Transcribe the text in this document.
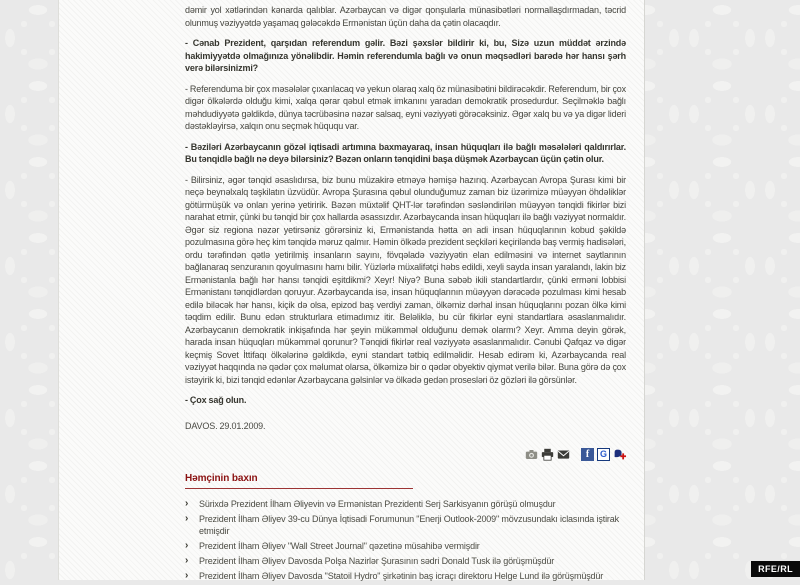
dəmir yol xətlərindən kənarda qalıblar. Azərbaycan və digər qonşularla münasibətləri normallaşdırmadan, təcrid olunmuş vəziyyətdə yaşamaq gələcəkdə Ermənistan üçün daha da çətin olacaqdır.

- Cənab Prezident, qarşıdan referendum gəlir. Bəzi şəxslər bildirir ki, bu, Sizə uzun müddət ərzində hakimiyyətdə olmağınıza yönəlibdir. Həmin referendumla bağlı və onun məqsədləri barədə hər hansı şərh verə bilərsinizmi?

- Referenduma bir çox məsələlər çıxarılacaq və yekun olaraq xalq öz münasibətini bildirəcəkdir. Referendum, bir çox digər ölkələrdə olduğu kimi, xalqa qərar qəbul etmək imkanını yaradan demokratik prosedurdur. Seçilməklə bağlı məhdudiyyətə gəldikdə, dünya təcrübəsinə nəzər salsaq, eyni vəziyyəti görəcəksiniz. Əgər xalq bu və ya digər lideri dəstəkləyirsə, xalqın onu seçmək hüququ var.

- Bəziləri Azərbaycanın gözəl iqtisadi artımına baxmayaraq, insan hüquqları ilə bağlı məsələləri qaldırırlar. Bu tənqidlə bağlı nə deyə bilərsiniz? Bəzən onların tənqidini başa düşmək Azərbaycan üçün çətin olur.

- Bilirsiniz, əgər tənqid əsaslıdırsa, biz bunu müzakirə etməyə həmişə hazırıq. Azərbaycan Avropa Şurası kimi bir neçə beynəlxalq təşkilatın üzvüdür. Avropa Şurasına qəbul olunduğumuz zaman biz üzərimizə müəyyən öhdəliklər götürmüşük və onları yerinə yetiririk. Bəzən müxtəlif QHT-lər tərəfindən səsləndirilən müəyyən tənqidi fikirlər bizi narahat etmir, çünki bu tənqid bir çox hallarda əsassızdır. Azərbaycanda insan hüquqları ilə bağlı vəziyyət normaldır. Əgər siz regiona nəzər yetirsəniz görərsiniz ki, Ermənistanda hətta ən adi insan hüquqlarının kobud şəkildə pozulmasına görə heç kim tənqidə məruz qalmır. Həmin ölkədə prezident seçkiləri keçiriləndə baş vermiş hadisələri, ordu tərəfindən qətlə yetirilmiş insanların sayını, fövqəladə vəziyyətin elan edilməsini və internet saytlarının bağlanaraq senzuranın qoyulmasını hamı bilir. Yüzlərlə müxalifətçi həbs edildi, xeyli sayda insan yaralandı, lakin biz Ermənistanla bağlı hər hansı tənqidi eşitdikmi? Xeyr! Niyə? Buna səbəb ikili standartlardır, çünki erməni lobbisi Ermənistanı tənqidlərdən qoruyur. Azərbaycanda isə, insan hüquqlarının müəyyən dərəcədə pozulması kimi hesab edilə biləcək hər hansı, kiçik də olsa, epizod baş verdiyi zaman, ölkəmiz dərhal insan hüquqlarını pozan ölkə kimi təqdim edilir. Bunu edən strukturlara etimadımız itir. Beləliklə, bu cür fikirlər eyni standartlara əsaslanmalıdır. Azərbaycanın demokratik inkişafında hər şeyin mükəmməl olduğunu demək olarmı? Xeyr. Amma deyin görək, harada insan hüquqları mükəmməl qorunur? Tənqidi fikirlər real vəziyyətə əsaslanmalıdır. Cənubi Qafqaz və digər keçmiş Sovet İttifaqı ölkələrinə gəldikdə, eyni standart tətbiq edilməlidir. Hesab edirəm ki, Azərbaycanda real vəziyyət haqqında nə qədər çox məlumat olarsa, ölkəmizə bir o qədər obyektiv qiymət verilə bilər. Buna görə də çox istəyirik ki, bizi tənqid edənlər Azərbaycana gəlsinlər və ölkədə gedən prosesləri öz gözləri ilə görsünlər.

- Çox sağ olun.

DAVOS. 29.01.2009.

f	G
Həmçinin baxın
›	Sürixdə Prezident İlham Əliyevin və Ermənistan Prezidenti Serj Sarkisyanın görüşü olmuşdur
›	Prezident İlham Əliyev 39-cu Dünya İqtisadi Forumunun "Enerji Outlook-2009" mövzusundakı iclasında iştirak etmişdir
›	Prezident İlham Əliyev "Wall Street Journal" qəzetinə müsahibə vermişdir
›	Prezident İlham Əliyev Davosda Polşa Nazirlər Şurasının sədri Donald Tusk ilə görüşmüşdür
›	Prezident İlham Əliyev Davosda "Statoil Hydro" şirkətinin baş icraçı direktoru Helge Lund ilə görüşmüşdür
RFE/RL
